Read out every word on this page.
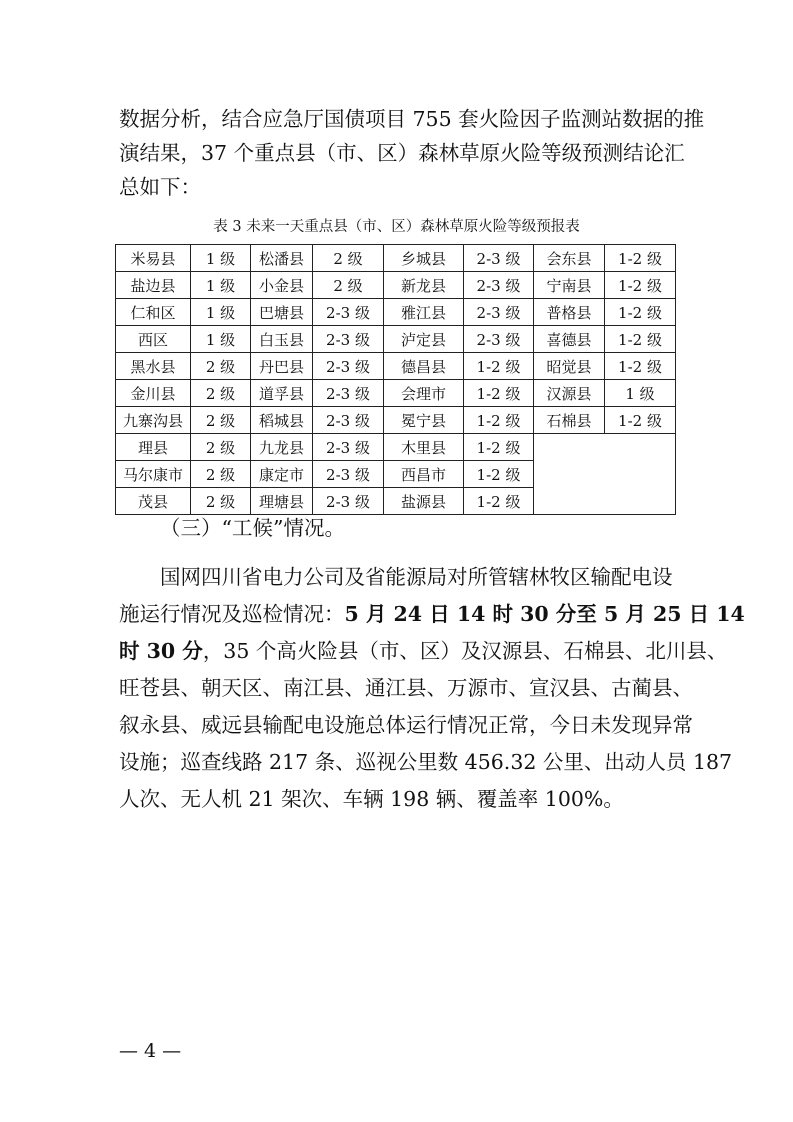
数据分析，结合应急厅国债项目 755 套火险因子监测站数据的推
演结果，37 个重点县（市、区）森林草原火险等级预测结论汇
总如下：
表 3 未来一天重点县（市、区）森林草原火险等级预报表
米易县	1 级	松潘县	2 级	乡城县	2-3 级	会东县	1-2 级
盐边县	1 级	小金县	2 级	新龙县	2-3 级	宁南县	1-2 级
仁和区	1 级	巴塘县	2-3 级	雅江县	2-3 级	普格县	1-2 级
西区	1 级	白玉县	2-3 级	泸定县	2-3 级	喜德县	1-2 级
黑水县	2 级	丹巴县	2-3 级	德昌县	1-2 级	昭觉县	1-2 级
金川县	2 级	道孚县	2-3 级	会理市	1-2 级	汉源县	1 级
九寨沟县	2 级	稻城县	2-3 级	冕宁县	1-2 级	石棉县	1-2 级
理县	2 级	九龙县	2-3 级	木里县	1-2 级		
马尔康市	2 级	康定市	2-3 级	西昌市	1-2 级		
茂县	2 级	理塘县	2-3 级	盐源县	1-2 级		

（三）“工候”情况。

国网四川省电力公司及省能源局对所管辖林牧区输配电设
施运行情况及巡检情况：5 月 24 日 14 时 30 分至 5 月 25 日 14
时 30 分，35 个高火险县（市、区）及汉源县、石棉县、北川县、
旺苍县、朝天区、南江县、通江县、万源市、宣汉县、古蔺县、
叙永县、威远县输配电设施总体运行情况正常，今日未发现异常
设施；巡查线路 217 条、巡视公里数 456.32 公里、出动人员 187
人次、无人机 21 架次、车辆 198 辆、覆盖率 100%。
— 4 —
